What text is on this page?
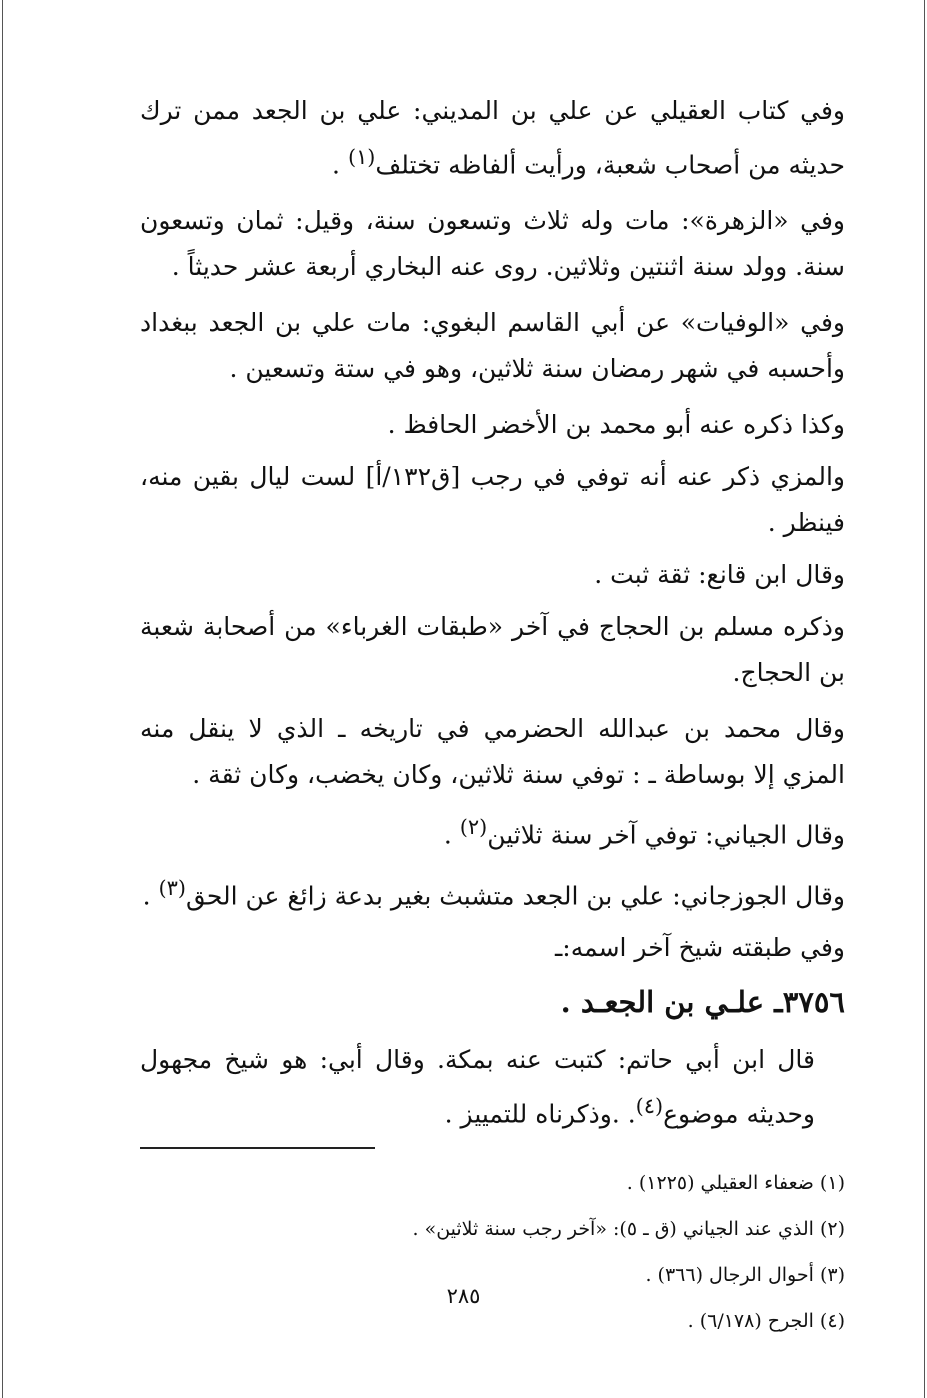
وفي كتاب العقيلي عن علي بن المديني: علي بن الجعد ممن ترك حديثه من أصحاب شعبة، ورأيت ألفاظه تختلف$^{(١)}$ .

وفي «الزهرة»: مات وله ثلاث وتسعون سنة، وقيل: ثمان وتسعون سنة. وولد سنة اثنتين وثلاثين. روى عنه البخاري أربعة عشر حديثاً .

وفي «الوفيات» عن أبي القاسم البغوي: مات علي بن الجعد ببغداد وأحسبه في شهر رمضان سنة ثلاثين، وهو في ستة وتسعين .

وكذا ذكره عنه أبو محمد بن الأخضر الحافظ .

والمزي ذكر عنه أنه توفي في رجب [ق١٣٢/أ] لست ليال بقين منه، فينظر .

وقال ابن قانع: ثقة ثبت .

وذكره مسلم بن الحجاج في آخر «طبقات الغرباء» من أصحابة شعبة بن الحجاج.

وقال محمد بن عبدالله الحضرمي في تاريخه ـ الذي لا ينقل منه المزي إلا بوساطة ـ : توفي سنة ثلاثين، وكان يخضب، وكان ثقة .

وقال الجياني: توفي آخر سنة ثلاثين$^{(٢)}$ .

وقال الجوزجاني: علي بن الجعد متشبث بغير بدعة زائغ عن الحق$^{(٣)}$ .

وفي طبقته شيخ آخر اسمه:ـ

٣٧٥٦ـ علـي بن الجعـد .

قال ابن أبي حاتم: كتبت عنه بمكة. وقال أبي: هو شيخ مجهول وحديثه موضوع$^{(٤)}$. .وذكرناه للتمييز .

(١) ضعفاء العقيلي (١٢٢٥) .

(٢) الذي عند الجياني (ق ـ ٥): «آخر رجب سنة ثلاثين» .

(٣) أحوال الرجال (٣٦٦) .

(٤) الجرح (٦/١٧٨) .

٢٨٥
